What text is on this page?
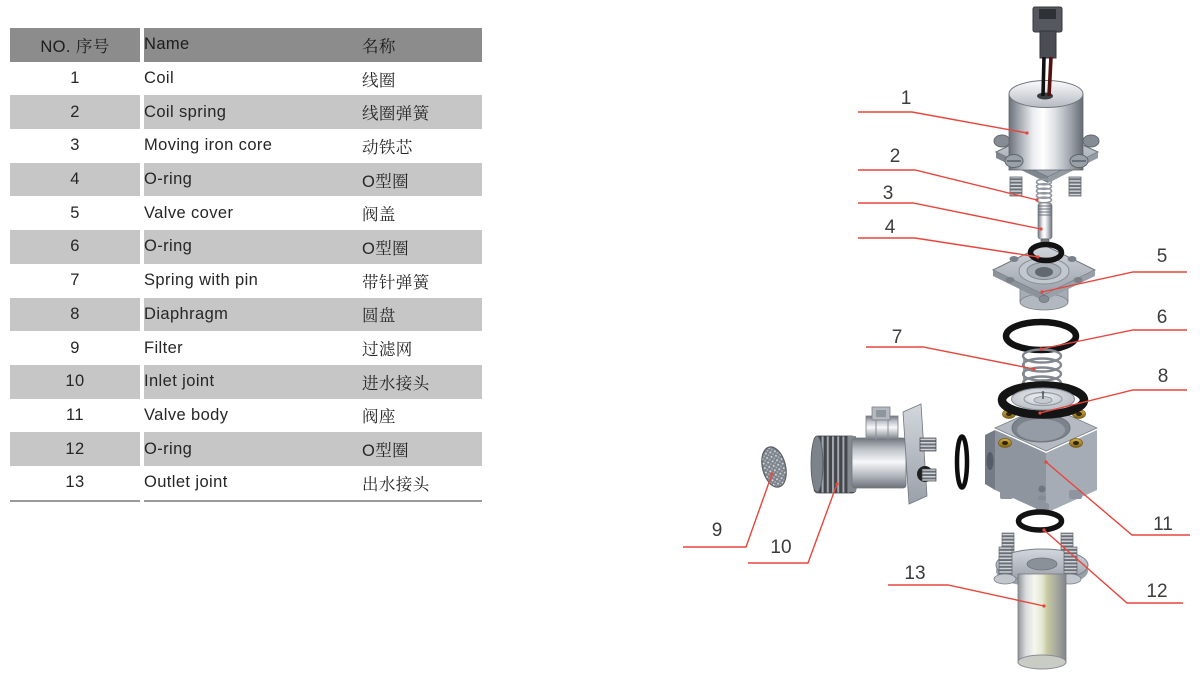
1
2
3
4
5
6
7
8
9
10
11
12
13
NO. 序号	Name	名称
1	Coil	线圈
2	Coil spring	线圈弹簧
3	Moving iron core	动铁芯
4	O-ring	O型圈
5	Valve cover	阀盖
6	O-ring	O型圈
7	Spring with pin	带针弹簧
8	Diaphragm	圆盘
9	Filter	过滤网
10	Inlet joint	进水接头
11	Valve body	阀座
12	O-ring	O型圈
13	Outlet joint	出水接头
